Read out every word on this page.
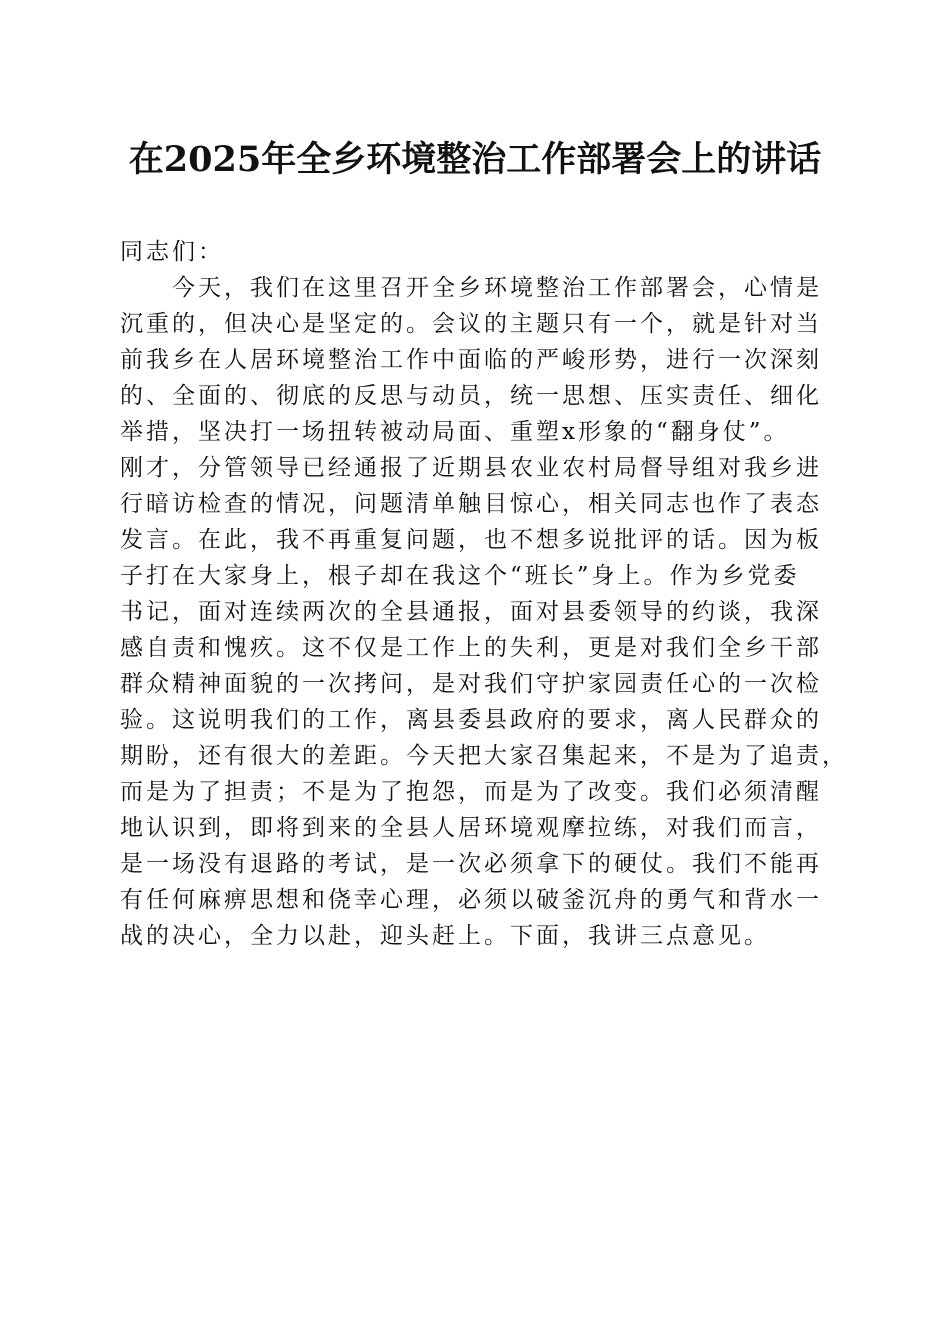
在2025年全乡环境整治工作部署会上的讲话

同志们：

今天，我们在这里召开全乡环境整治工作部署会，心情是
沉重的，但决心是坚定的。会议的主题只有一个，就是针对当
前我乡在人居环境整治工作中面临的严峻形势，进行一次深刻
的、全面的、彻底的反思与动员，统一思想、压实责任、细化
举措，坚决打一场扭转被动局面、重塑x形象的“翻身仗”。
刚才，分管领导已经通报了近期县农业农村局督导组对我乡进
行暗访检查的情况，问题清单触目惊心，相关同志也作了表态
发言。在此，我不再重复问题，也不想多说批评的话。因为板
子打在大家身上，根子却在我这个“班长”身上。作为乡党委
书记，面对连续两次的全县通报，面对县委领导的约谈，我深
感自责和愧疚。这不仅是工作上的失利，更是对我们全乡干部
群众精神面貌的一次拷问，是对我们守护家园责任心的一次检
验。这说明我们的工作，离县委县政府的要求，离人民群众的
期盼，还有很大的差距。今天把大家召集起来，不是为了追责，
而是为了担责；不是为了抱怨，而是为了改变。我们必须清醒
地认识到，即将到来的全县人居环境观摩拉练，对我们而言，
是一场没有退路的考试，是一次必须拿下的硬仗。我们不能再
有任何麻痹思想和侥幸心理，必须以破釜沉舟的勇气和背水一
战的决心，全力以赴，迎头赶上。下面，我讲三点意见。
